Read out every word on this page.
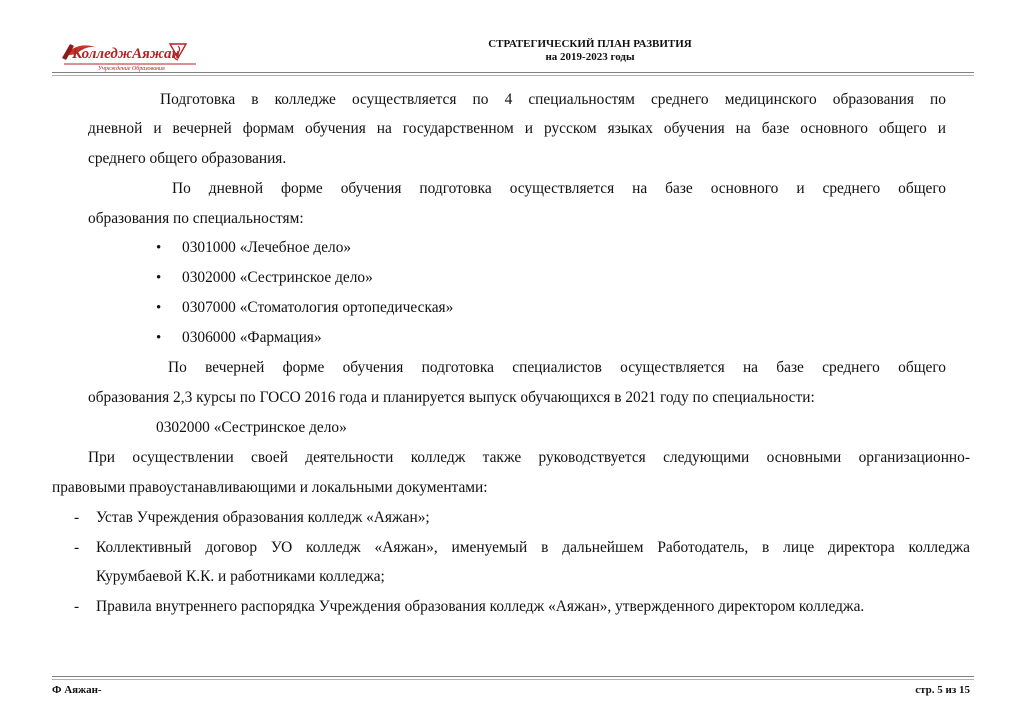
КолледжАяжан
Учреждение Образования
СТРАТЕГИЧЕСКИЙ ПЛАН РАЗВИТИЯ
на 2019-2023 годы
Подготовка в колледже осуществляется по 4 специальностям среднего медицинского образования по
дневной и вечерней формам обучения на государственном и русском языках обучения на базе основного общего и
среднего общего образования.
По дневной форме обучения подготовка осуществляется на базе основного и среднего общего
образования по специальностям:
• 0301000 «Лечебное дело»
• 0302000 «Сестринское дело»
• 0307000 «Стоматология ортопедическая»
• 0306000 «Фармация»
По вечерней форме обучения подготовка специалистов осуществляется на базе среднего общего
образования 2,3 курсы по ГОСО 2016 года и планируется выпуск обучающихся в 2021 году по специальности:
0302000 «Сестринское дело»
При осуществлении своей деятельности колледж также руководствуется следующими основными организационно-
правовыми правоустанавливающими и локальными документами:
- Устав Учреждения образования колледж «Аяжан»;
- Коллективный договор УО колледж «Аяжан», именуемый в дальнейшем Работодатель, в лице директора колледжа
Курумбаевой К.К. и работниками колледжа;
- Правила внутреннего распорядка Учреждения образования колледж «Аяжан», утвержденного директором колледжа.
Ф Аяжан-	стр. 5 из 15
